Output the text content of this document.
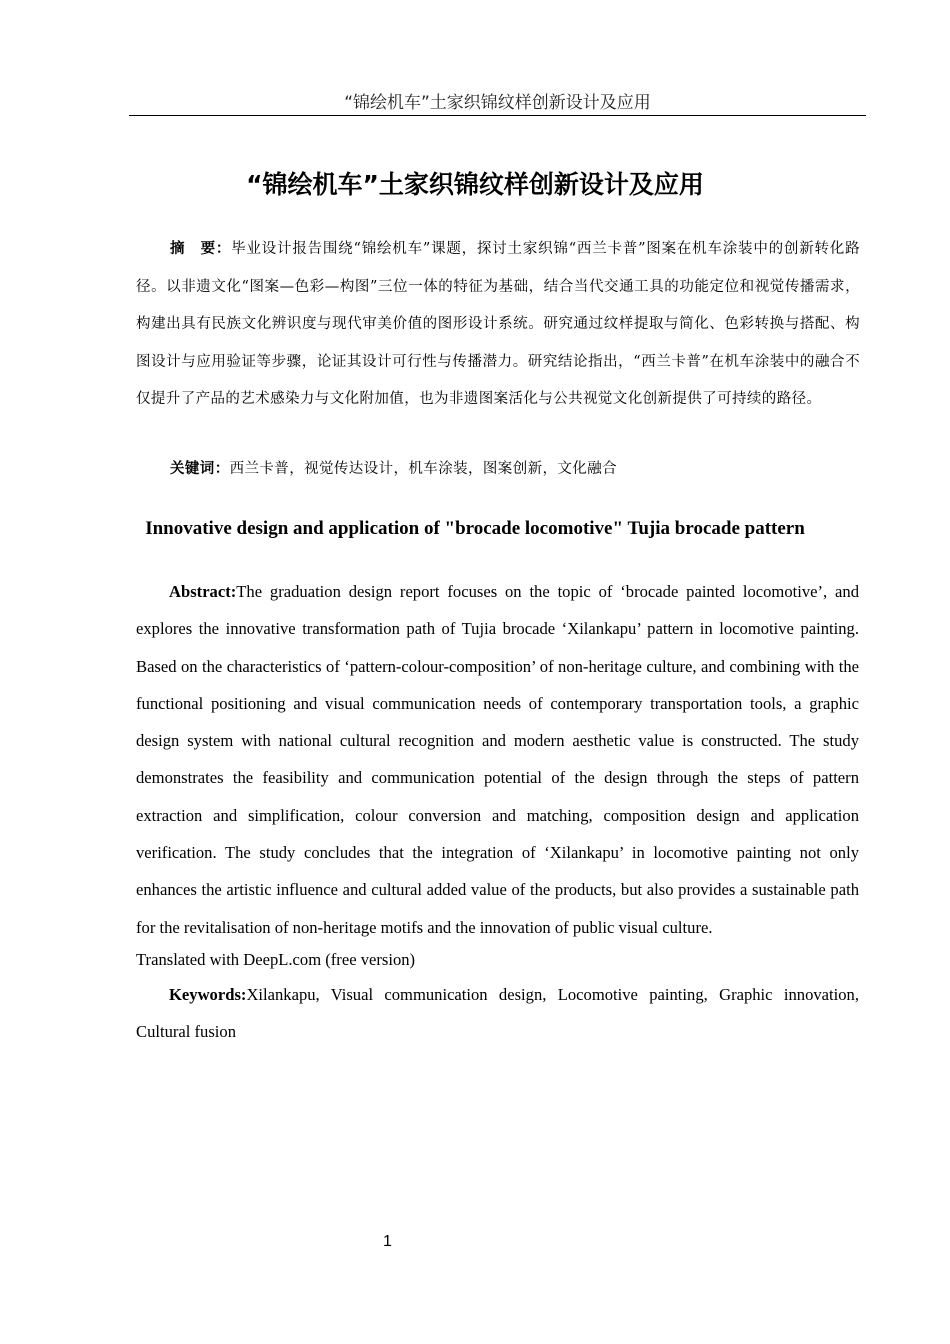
“锦绘机车”土家织锦纹样创新设计及应用
“锦绘机车”土家织锦纹样创新设计及应用

摘　要：毕业设计报告围绕“锦绘机车”课题，探讨土家织锦“西兰卡普”图案在机车涂装中的创新转化路径。以非遗文化“图案—色彩—构图”三位一体的特征为基础，结合当代交通工具的功能定位和视觉传播需求，构建出具有民族文化辨识度与现代审美价值的图形设计系统。研究通过纹样提取与简化、色彩转换与搭配、构图设计与应用验证等步骤，论证其设计可行性与传播潜力。研究结论指出，“西兰卡普”在机车涂装中的融合不仅提升了产品的艺术感染力与文化附加值，也为非遗图案活化与公共视觉文化创新提供了可持续的路径。

关键词：西兰卡普，视觉传达设计，机车涂装，图案创新，文化融合

Innovative design and application of "brocade locomotive" Tujia brocade pattern

Abstract:The graduation design report focuses on the topic of ‘brocade painted locomotive’, and explores the innovative transformation path of Tujia brocade ‘Xilankapu’ pattern in locomotive painting. Based on the characteristics of ‘pattern-colour-composition’ of non-heritage culture, and combining with the functional positioning and visual communication needs of contemporary transportation tools, a graphic design system with national cultural recognition and modern aesthetic value is constructed. The study demonstrates the feasibility and communication potential of the design through the steps of pattern extraction and simplification, colour conversion and matching, composition design and application verification. The study concludes that the integration of ‘Xilankapu’ in locomotive painting not only enhances the artistic influence and cultural added value of the products, but also provides a sustainable path for the revitalisation of non-heritage motifs and the innovation of public visual culture.

Translated with DeepL.com (free version)

Keywords:Xilankapu, Visual communication design, Locomotive painting, Graphic innovation, Cultural fusion

1
